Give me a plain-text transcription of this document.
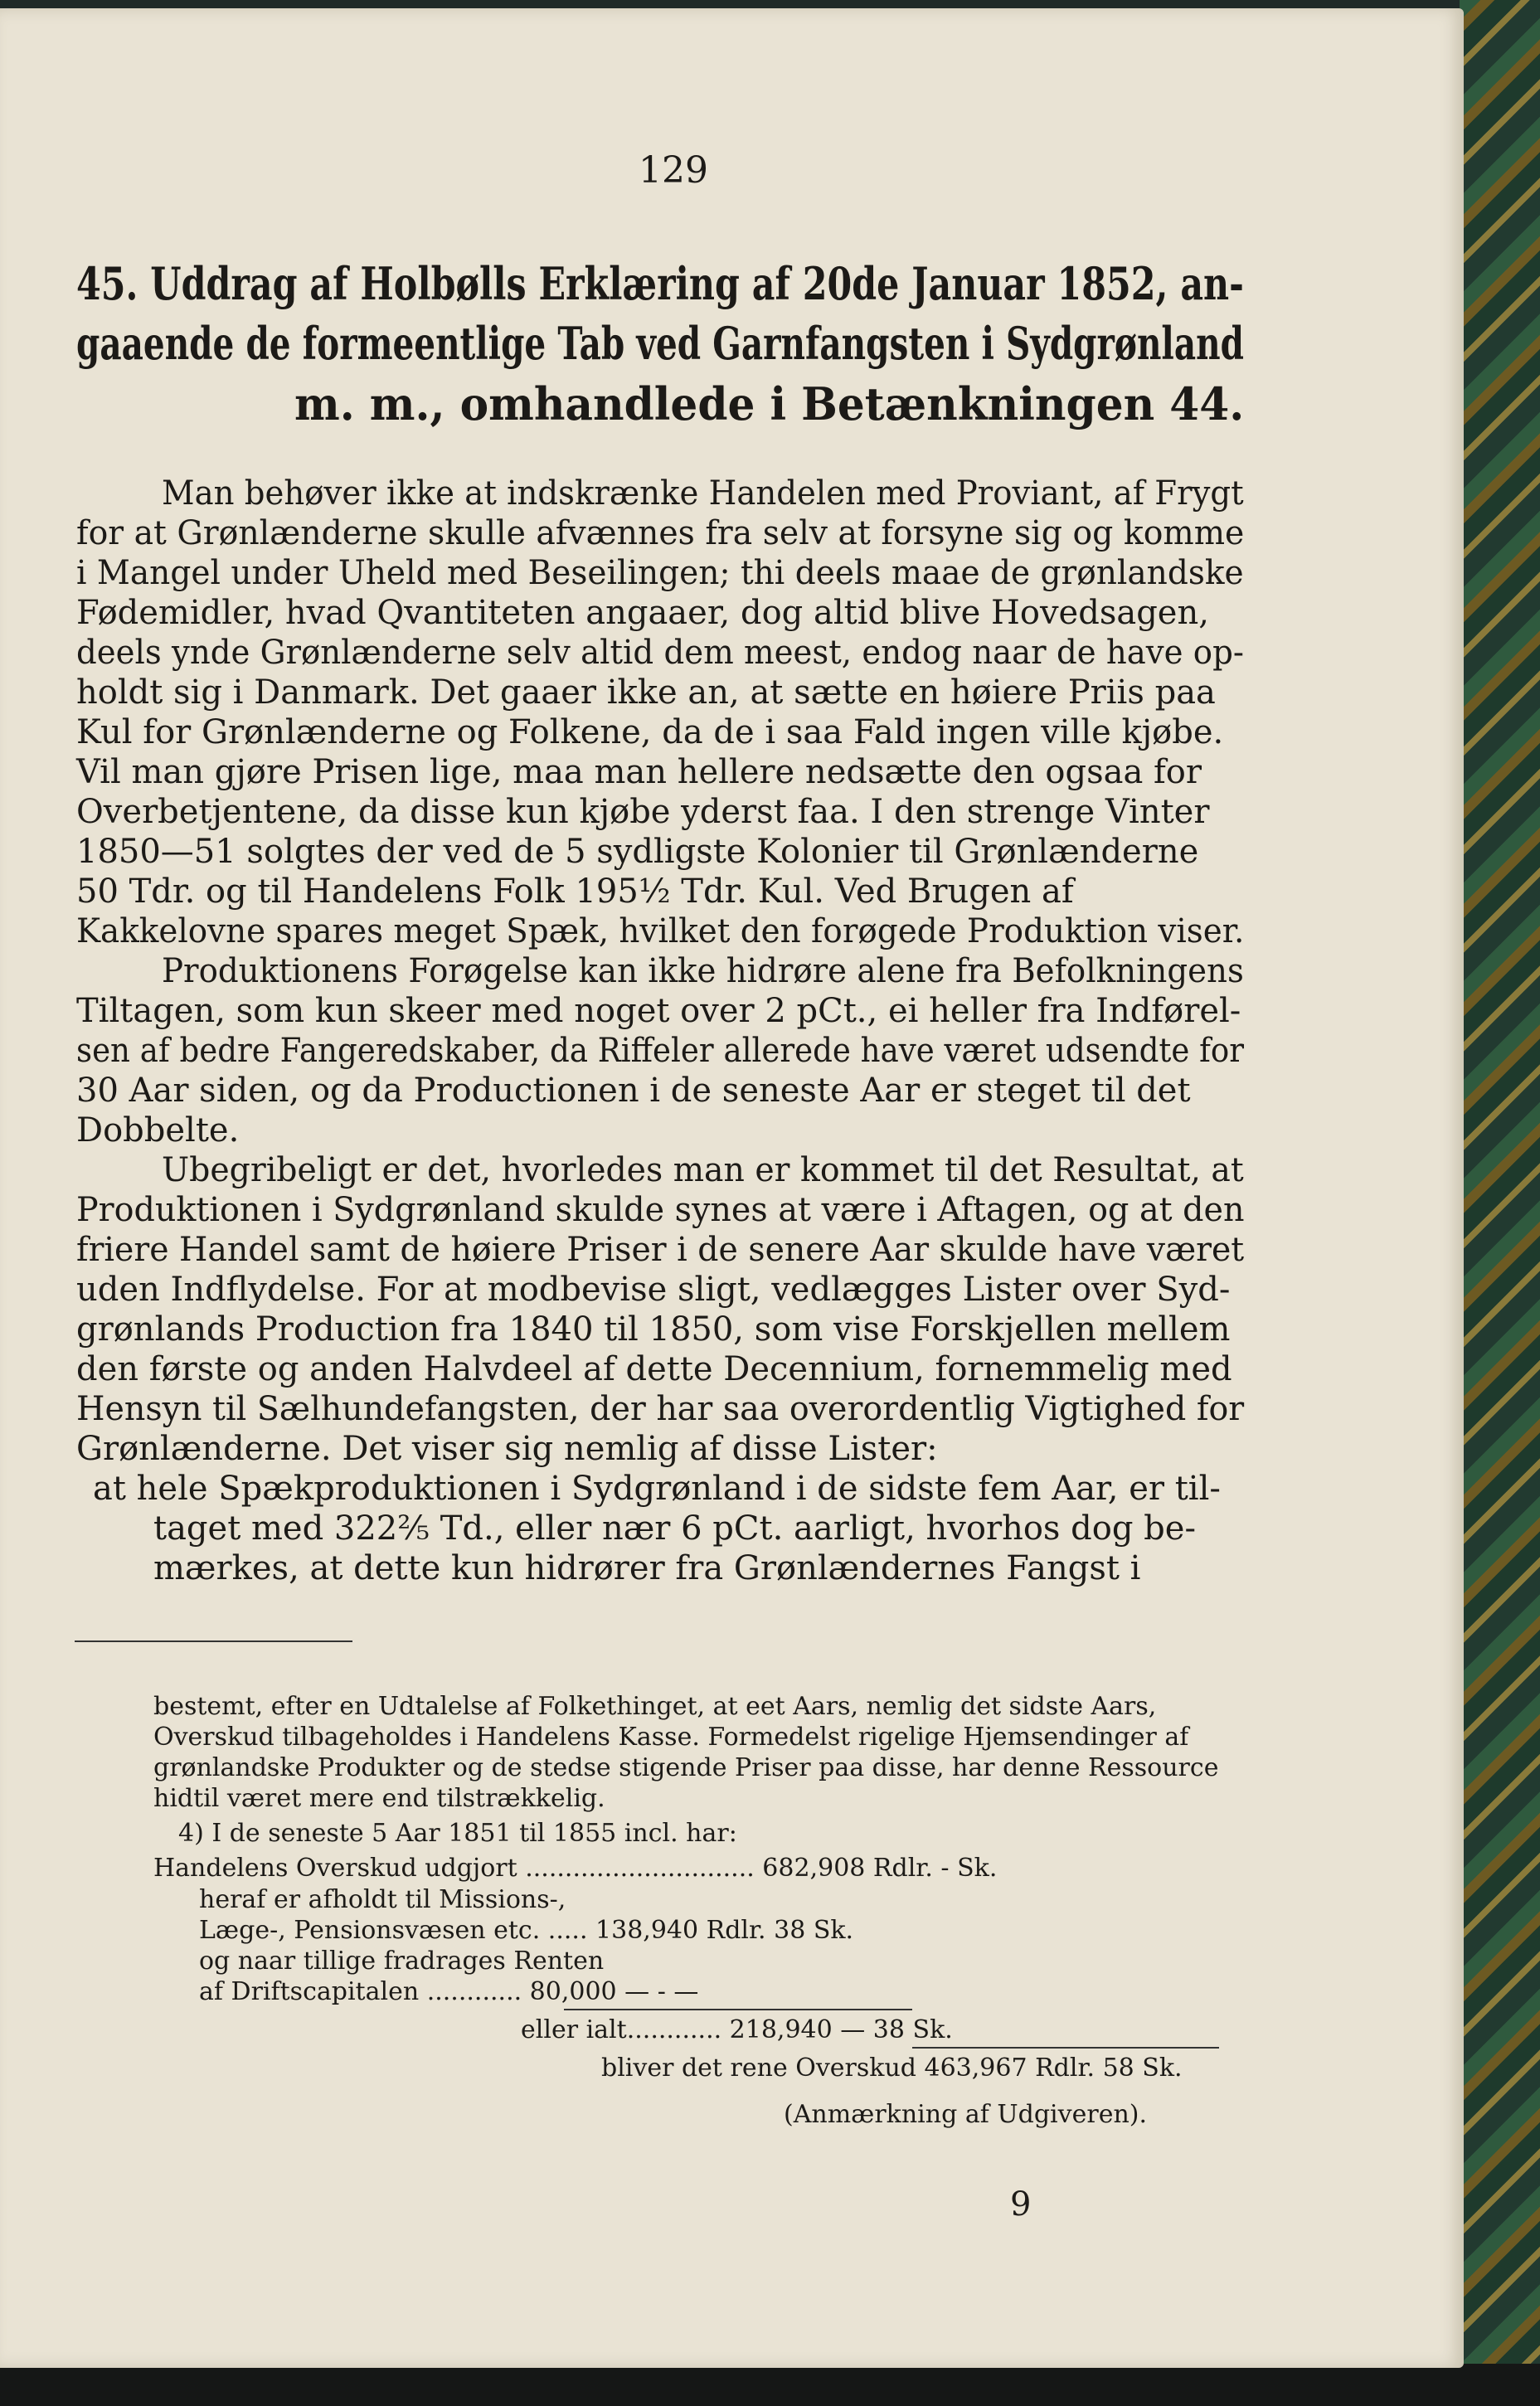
129

45. Uddrag af Holbølls Erklæring af 20de Januar 1852, an-

gaaende de formeentlige Tab ved Garnfangsten i Sydgrønland

m. m., omhandlede i Betænkningen 44.

Man behøver ikke at indskrænke Handelen med Proviant, af Frygt

for at Grønlænderne skulle afvænnes fra selv at forsyne sig og komme

i Mangel under Uheld med Beseilingen; thi deels maae de grønlandske

Fødemidler, hvad Qvantiteten angaaer, dog altid blive Hovedsagen,

deels ynde Grønlænderne selv altid dem meest, endog naar de have op-

holdt sig i Danmark. Det gaaer ikke an, at sætte en høiere Priis paa

Kul for Grønlænderne og Folkene, da de i saa Fald ingen ville kjøbe.

Vil man gjøre Prisen lige, maa man hellere nedsætte den ogsaa for

Overbetjentene, da disse kun kjøbe yderst faa. I den strenge Vinter

1850—51 solgtes der ved de 5 sydligste Kolonier til Grønlænderne

50 Tdr. og til Handelens Folk 195½ Tdr. Kul. Ved Brugen af

Kakkelovne spares meget Spæk, hvilket den forøgede Produktion viser.

Produktionens Forøgelse kan ikke hidrøre alene fra Befolkningens

Tiltagen, som kun skeer med noget over 2 pCt., ei heller fra Indførel-

sen af bedre Fangeredskaber, da Riffeler allerede have været udsendte for

30 Aar siden, og da Productionen i de seneste Aar er steget til det

Dobbelte.

Ubegribeligt er det, hvorledes man er kommet til det Resultat, at

Produktionen i Sydgrønland skulde synes at være i Aftagen, og at den

friere Handel samt de høiere Priser i de senere Aar skulde have været

uden Indflydelse. For at modbevise sligt, vedlægges Lister over Syd-

grønlands Production fra 1840 til 1850, som vise Forskjellen mellem

den første og anden Halvdeel af dette Decennium, fornemmelig med

Hensyn til Sælhundefangsten, der har saa overordentlig Vigtighed for

Grønlænderne. Det viser sig nemlig af disse Lister:

at hele Spækproduktionen i Sydgrønland i de sidste fem Aar, er til-

taget med 322⅖ Td., eller nær 6 pCt. aarligt, hvorhos dog be-

mærkes, at dette kun hidrører fra Grønlændernes Fangst i

bestemt, efter en Udtalelse af Folkethinget, at eet Aars, nemlig det sidste Aars,

Overskud tilbageholdes i Handelens Kasse. Formedelst rigelige Hjemsendinger af

grønlandske Produkter og de stedse stigende Priser paa disse, har denne Ressource

hidtil været mere end tilstrækkelig.

4) I de seneste 5 Aar 1851 til 1855 incl. har:

Handelens Overskud udgjort ............................. 682,908 Rdlr. - Sk.

heraf er afholdt til Missions-,

Læge-, Pensionsvæsen etc. ..... 138,940 Rdlr. 38 Sk.

og naar tillige fradrages Renten

af Driftscapitalen ............ 80,000 — - —

eller ialt............ 218,940 — 38 Sk.

bliver det rene Overskud 463,967 Rdlr. 58 Sk.

(Anmærkning af Udgiveren).

9
